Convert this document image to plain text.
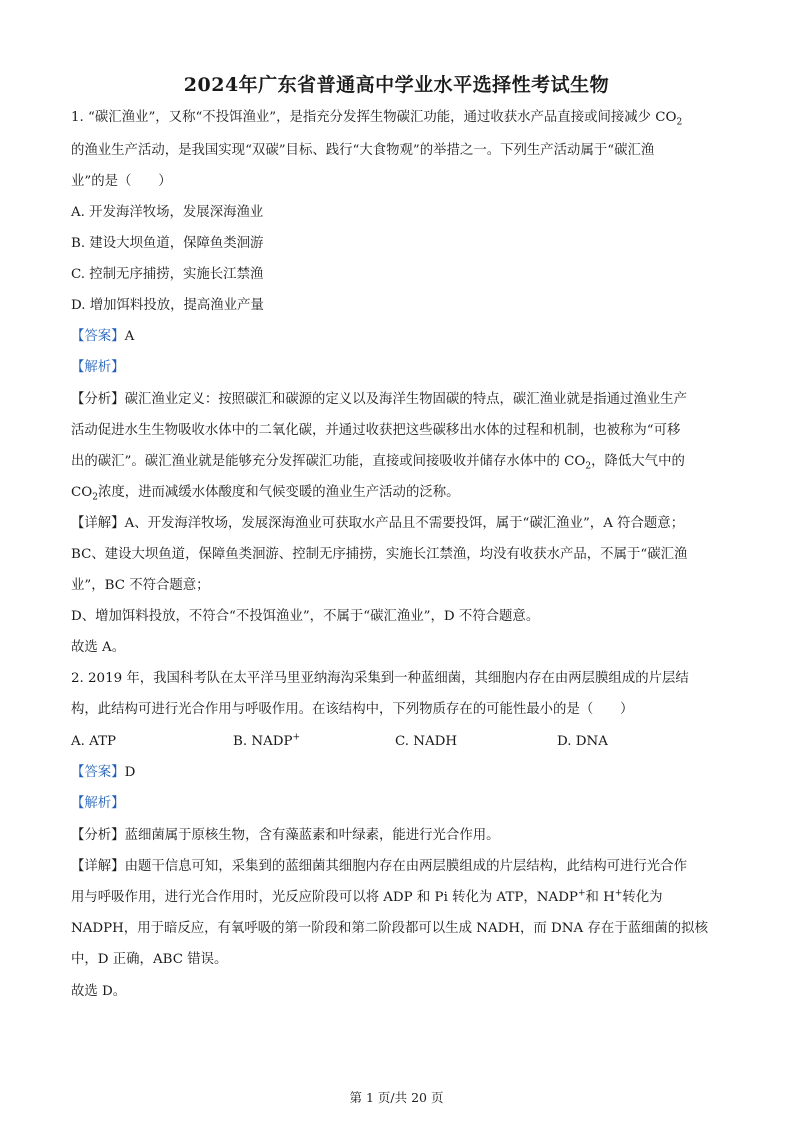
2024年广东省普通高中学业水平选择性考试生物
1. “碳汇渔业”，又称“不投饵渔业”，是指充分发挥生物碳汇功能，通过收获水产品直接或间接减少 $CO_2$
的渔业生产活动，是我国实现“双碳”目标、践行“大食物观”的举措之一。下列生产活动属于“碳汇渔
业”的是（　　）
A. 开发海洋牧场，发展深海渔业
B. 建设大坝鱼道，保障鱼类洄游
C. 控制无序捕捞，实施长江禁渔
D. 增加饵料投放，提高渔业产量
【答案】A
【解析】
【分析】碳汇渔业定义：按照碳汇和碳源的定义以及海洋生物固碳的特点，碳汇渔业就是指通过渔业生产
活动促进水生生物吸收水体中的二氧化碳，并通过收获把这些碳移出水体的过程和机制，也被称为“可移
出的碳汇”。碳汇渔业就是能够充分发挥碳汇功能，直接或间接吸收并储存水体中的 $CO_2$，降低大气中的
$CO_2$浓度，进而减缓水体酸度和气候变暖的渔业生产活动的泛称。
【详解】A、开发海洋牧场，发展深海渔业可获取水产品且不需要投饵，属于“碳汇渔业”，A 符合题意；
BC、建设大坝鱼道，保障鱼类洄游、控制无序捕捞，实施长江禁渔，均没有收获水产品，不属于“碳汇渔
业”，BC 不符合题意；
D、增加饵料投放，不符合“不投饵渔业”，不属于“碳汇渔业”，D 不符合题意。
故选 A。
2. 2019 年，我国科考队在太平洋马里亚纳海沟采集到一种蓝细菌，其细胞内存在由两层膜组成的片层结
构，此结构可进行光合作用与呼吸作用。在该结构中，下列物质存在的可能性最小的是（　　）
A. ATP	B. NADP+	C. NADH	D. DNA
【答案】D
【解析】
【分析】蓝细菌属于原核生物，含有藻蓝素和叶绿素，能进行光合作用。
【详解】由题干信息可知，采集到的蓝细菌其细胞内存在由两层膜组成的片层结构，此结构可进行光合作
用与呼吸作用，进行光合作用时，光反应阶段可以将 ADP 和 Pi 转化为 ATP，NADP+和 H+转化为
NADPH，用于暗反应，有氧呼吸的第一阶段和第二阶段都可以生成 NADH，而 DNA 存在于蓝细菌的拟核
中，D 正确，ABC 错误。
故选 D。
第 1 页/共 20 页
